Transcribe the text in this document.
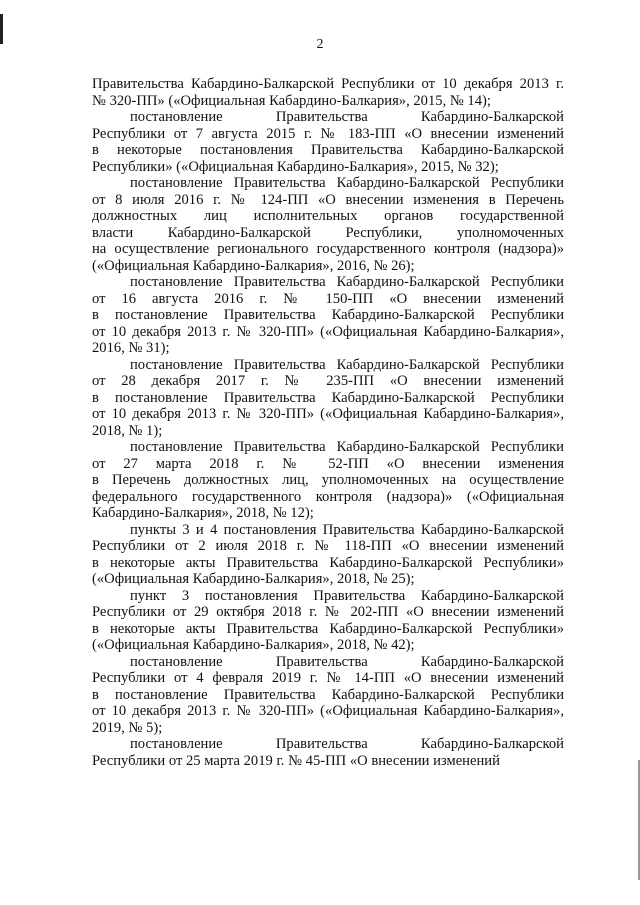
2
Правительства Кабардино-Балкарской Республики от 10 декабря 2013 г.
№ 320-ПП» («Официальная Кабардино-Балкария», 2015, № 14);
постановление Правительства Кабардино-Балкарской
Республики от 7 августа 2015 г. № 183-ПП «О внесении изменений
в некоторые постановления Правительства Кабардино-Балкарской
Республики» («Официальная Кабардино-Балкария», 2015, № 32);
постановление Правительства Кабардино-Балкарской Республики
от 8 июля 2016 г. № 124-ПП «О внесении изменения в Перечень
должностных лиц исполнительных органов государственной
власти Кабардино-Балкарской Республики, уполномоченных
на осуществление регионального государственного контроля (надзора)»
(«Официальная Кабардино-Балкария», 2016, № 26);
постановление Правительства Кабардино-Балкарской Республики
от 16 августа 2016 г. № 150-ПП «О внесении изменений
в постановление Правительства Кабардино-Балкарской Республики
от 10 декабря 2013 г. № 320-ПП» («Официальная Кабардино-Балкария»,
2016, № 31);
постановление Правительства Кабардино-Балкарской Республики
от 28 декабря 2017 г. № 235-ПП «О внесении изменений
в постановление Правительства Кабардино-Балкарской Республики
от 10 декабря 2013 г. № 320-ПП» («Официальная Кабардино-Балкария»,
2018, № 1);
постановление Правительства Кабардино-Балкарской Республики
от 27 марта 2018 г. № 52-ПП «О внесении изменения
в Перечень должностных лиц, уполномоченных на осуществление
федерального государственного контроля (надзора)» («Официальная
Кабардино-Балкария», 2018, № 12);
пункты 3 и 4 постановления Правительства Кабардино-Балкарской
Республики от 2 июля 2018 г. № 118-ПП «О внесении изменений
в некоторые акты Правительства Кабардино-Балкарской Республики»
(«Официальная Кабардино-Балкария», 2018, № 25);
пункт 3 постановления Правительства Кабардино-Балкарской
Республики от 29 октября 2018 г. № 202-ПП «О внесении изменений
в некоторые акты Правительства Кабардино-Балкарской Республики»
(«Официальная Кабардино-Балкария», 2018, № 42);
постановление Правительства Кабардино-Балкарской
Республики от 4 февраля 2019 г. № 14-ПП «О внесении изменений
в постановление Правительства Кабардино-Балкарской Республики
от 10 декабря 2013 г. № 320-ПП» («Официальная Кабардино-Балкария»,
2019, № 5);
постановление Правительства Кабардино-Балкарской
Республики от 25 марта 2019 г. № 45-ПП «О внесении изменений
